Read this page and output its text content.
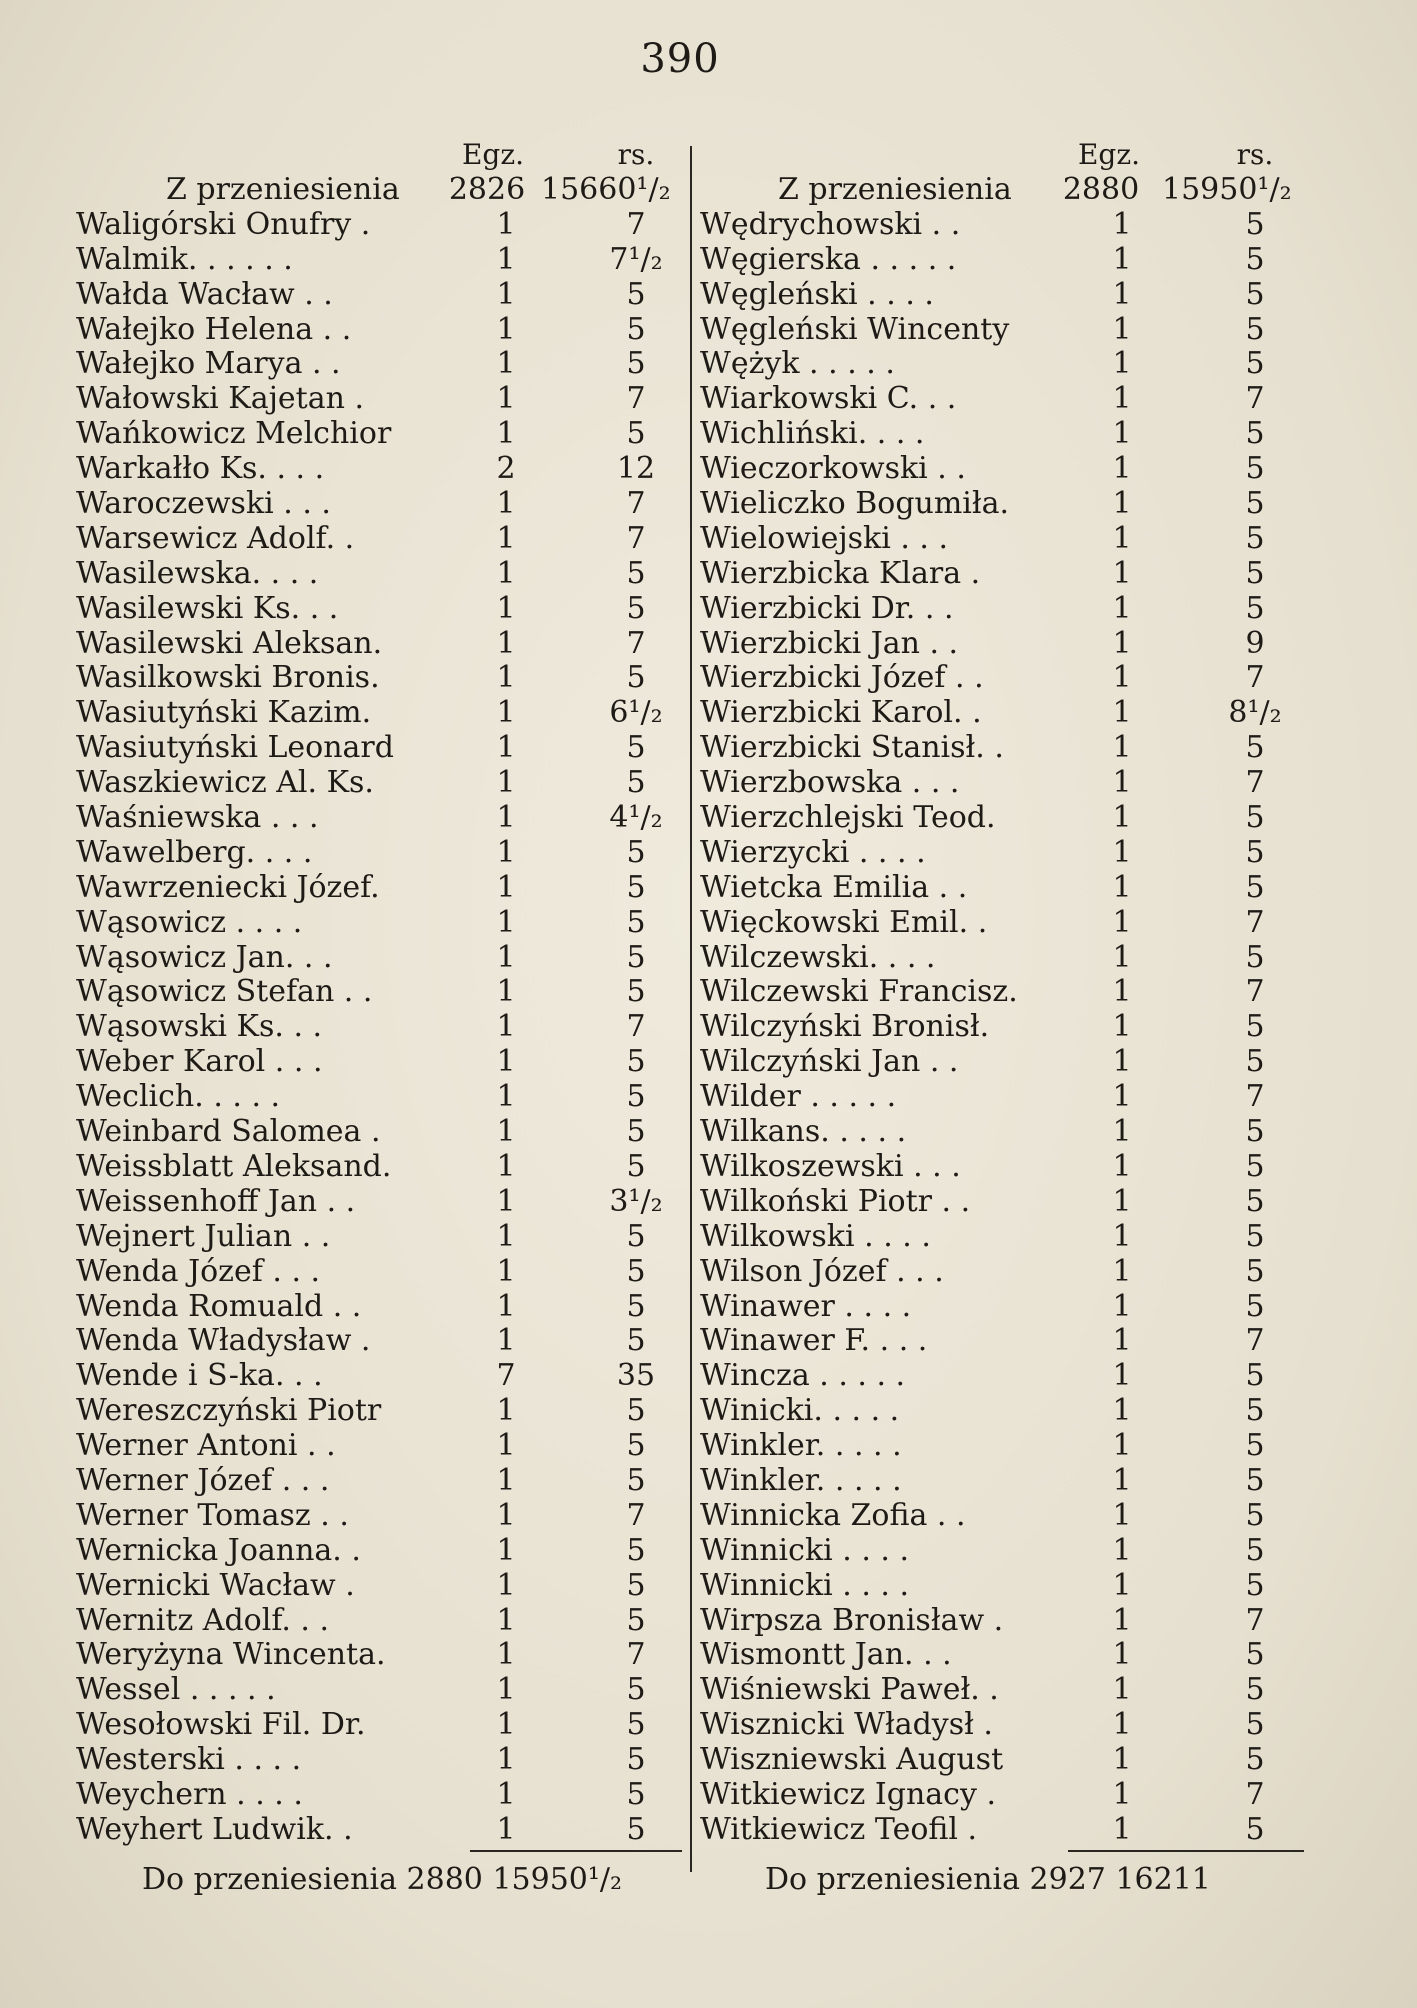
390
Egz.	rs.
Z przeniesienia	2826 15660¹/₂
Waligórski Onufry .	1	7
Walmik. . . . . .	1	7¹/₂
Wałda Wacław . .	1	5
Wałejko Helena . .	1	5
Wałejko Marya . .	1	5
Wałowski Kajetan .	1	7
Wańkowicz Melchior	1	5
Warkałło Ks. . . .	2	12
Waroczewski . . .	1	7
Warsewicz Adolf. .	1	7
Wasilewska. . . .	1	5
Wasilewski Ks. . .	1	5
Wasilewski Aleksan.	1	7
Wasilkowski Bronis.	1	5
Wasiutyński Kazim.	1	6¹/₂
Wasiutyński Leonard	1	5
Waszkiewicz Al. Ks.	1	5
Waśniewska . . .	1	4¹/₂
Wawelberg. . . .	1	5
Wawrzeniecki Józef.	1	5
Wąsowicz . . . .	1	5
Wąsowicz Jan. . .	1	5
Wąsowicz Stefan . .	1	5
Wąsowski Ks. . .	1	7
Weber Karol . . .	1	5
Weclich. . . . .	1	5
Weinbard Salomea .	1	5
Weissblatt Aleksand.	1	5
Weissenhoff Jan . .	1	3¹/₂
Wejnert Julian . .	1	5
Wenda Józef . . .	1	5
Wenda Romuald . .	1	5
Wenda Władysław .	1	5
Wende i S-ka. . .	7	35
Wereszczyński Piotr	1	5
Werner Antoni . .	1	5
Werner Józef . . .	1	5
Werner Tomasz . .	1	7
Wernicka Joanna. .	1	5
Wernicki Wacław .	1	5
Wernitz Adolf. . .	1	5
Weryżyna Wincenta.	1	7
Wessel . . . . .	1	5
Wesołowski Fil. Dr.	1	5
Westerski . . . .	1	5
Weychern . . . .	1	5
Weyhert Ludwik. .	1	5
Egz.	rs.
Z przeniesienia	2880 15950¹/₂
Wędrychowski . .	1	5
Węgierska . . . . .	1	5
Węgleński . . . .	1	5
Węgleński Wincenty	1	5
Wężyk . . . . .	1	5
Wiarkowski C. . .	1	7
Wichliński. . . .	1	5
Wieczorkowski . .	1	5
Wieliczko Bogumiła.	1	5
Wielowiejski . . .	1	5
Wierzbicka Klara .	1	5
Wierzbicki Dr. . .	1	5
Wierzbicki Jan . .	1	9
Wierzbicki Józef . .	1	7
Wierzbicki Karol. .	1	8¹/₂
Wierzbicki Stanisł. .	1	5
Wierzbowska . . .	1	7
Wierzchlejski Teod.	1	5
Wierzycki . . . .	1	5
Wietcka Emilia . .	1	5
Więckowski Emil. .	1	7
Wilczewski. . . .	1	5
Wilczewski Francisz.	1	7
Wilczyński Bronisł.	1	5
Wilczyński Jan . .	1	5
Wilder . . . . .	1	7
Wilkans. . . . .	1	5
Wilkoszewski . . .	1	5
Wilkoński Piotr . .	1	5
Wilkowski . . . .	1	5
Wilson Józef . . .	1	5
Winawer . . . .	1	5
Winawer F. . . .	1	7
Wincza . . . . .	1	5
Winicki. . . . .	1	5
Winkler. . . . .	1	5
Winkler. . . . .	1	5
Winnicka Zofia . .	1	5
Winnicki . . . .	1	5
Winnicki . . . .	1	5
Wirpsza Bronisław .	1	7
Wismontt Jan. . .	1	5
Wiśniewski Paweł. .	1	5
Wisznicki Władysł .	1	5
Wiszniewski August	1	5
Witkiewicz Ignacy .	1	7
Witkiewicz Teofil .	1	5
Do przeniesienia 2880 15950¹/₂	Do przeniesienia 2927 16211
